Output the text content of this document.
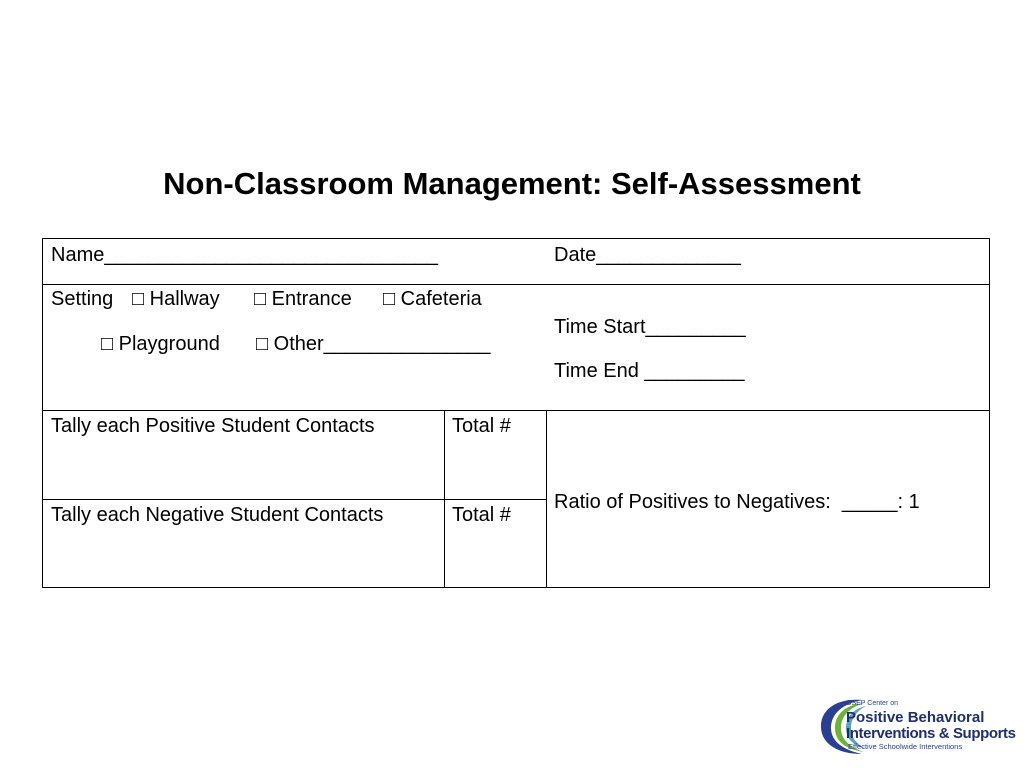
Non-Classroom Management: Self-Assessment
Name______________________________	Date_____________
Setting □ Hallway □ Entrance □ Cafeteria
□ Playground □ Other_______________
Time Start_________
Time End _________
Tally each Positive Student Contacts	Total #
Tally each Negative Student Contacts	Total #
Ratio of Positives to Negatives:  _____: 1
OSEP Center on
Positive Behavioral
Interventions & Supports
Effective Schoolwide Interventions
